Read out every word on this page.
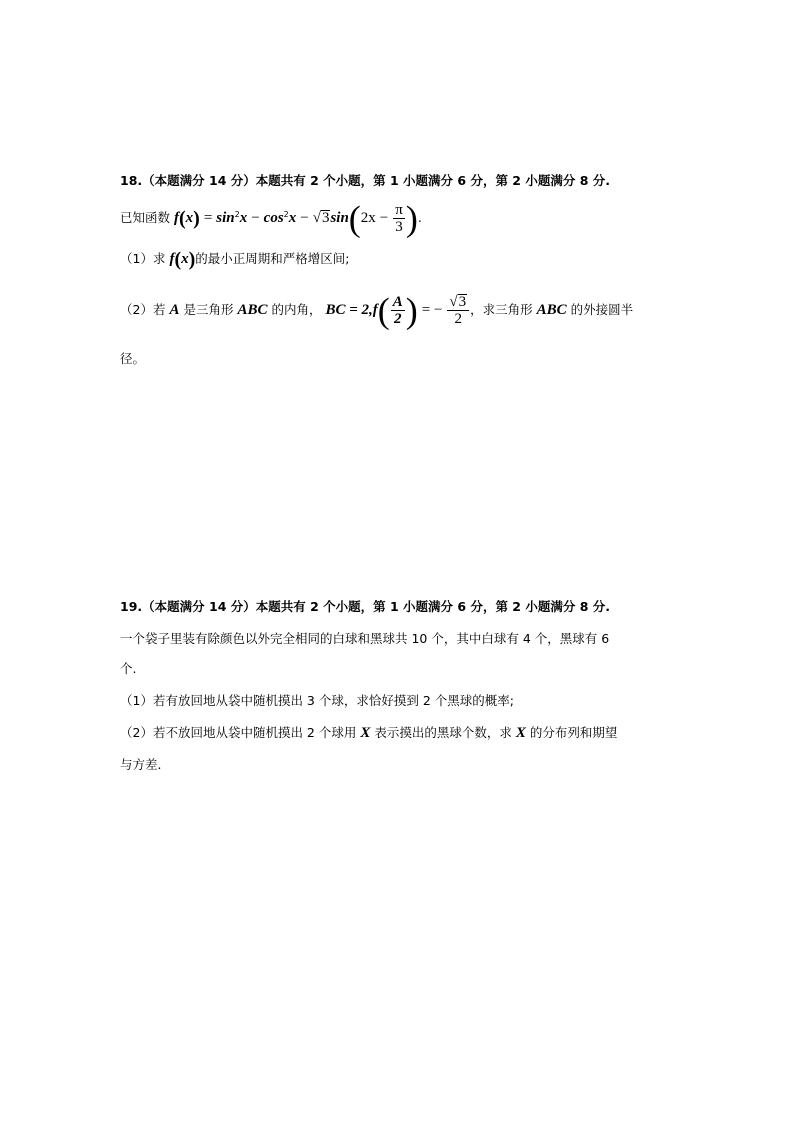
18.（本题满分 14 分）本题共有 2 个小题，第 1 小题满分 6 分，第 2 小题满分 8 分.
已知函数 $f(x) = \sin^2x - \cos^2x - √3\sin(2x - \frac{\pi}{3}$ ).
（1）求 f(x)的最小正周期和严格增区间;
（2）若 A 是三角形 ABC 的内角， BC = $2,f( \frac{A}{2}$ ) = − $\frac{√3}{2}$ ，求三角形 ABC 的外接圆半
径。
19.（本题满分 14 分）本题共有 2 个小题，第 1 小题满分 6 分，第 2 小题满分 8 分.
一个袋子里装有除颜色以外完全相同的白球和黑球共 10 个，其中白球有 4 个，黑球有 6
个.
（1）若有放回地从袋中随机摸出 3 个球，求恰好摸到 2 个黑球的概率;
（2）若不放回地从袋中随机摸出 2 个球用 X 表示摸出的黑球个数，求 X 的分布列和期望
与方差.
